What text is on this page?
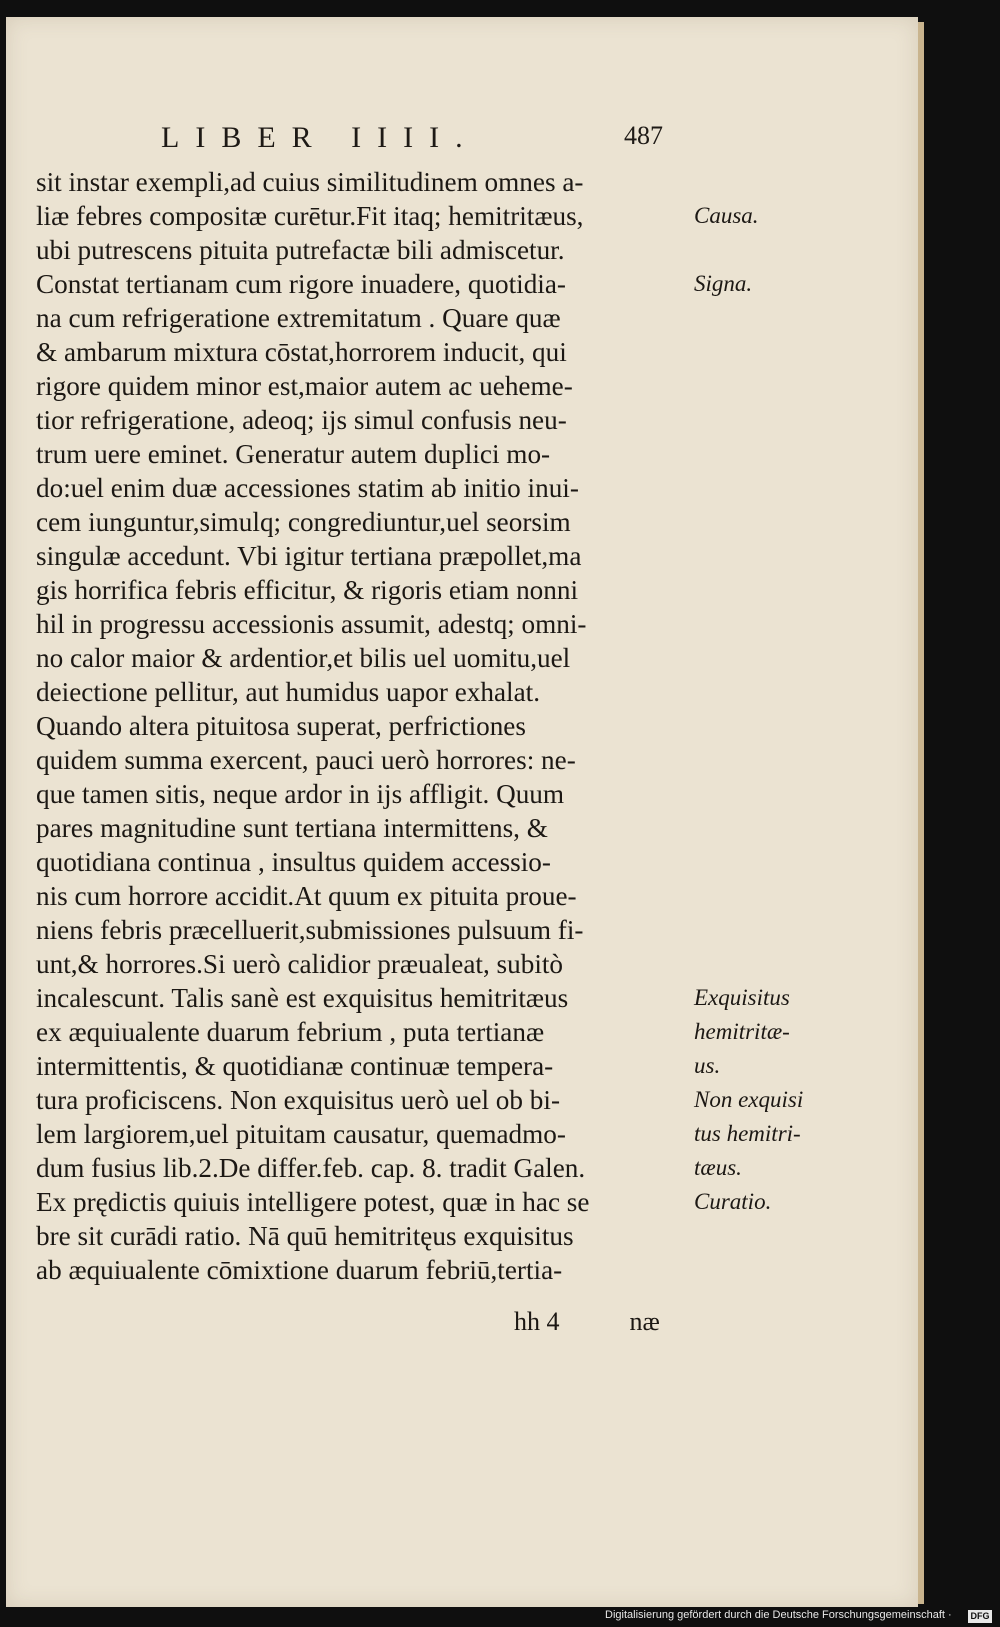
LIBER IIII.	487
sit instar exempli,ad cuius similitudinem omnes a-
liæ febres compositæ curētur.Fit itaq; hemitritæus,
ubi putrescens pituita putrefactæ bili admiscetur.
Constat tertianam cum rigore inuadere, quotidia-
na cum refrigeratione extremitatum . Quare quæ
& ambarum mixtura cōstat,horrorem inducit, qui
rigore quidem minor est,maior autem ac ueheme-
tior refrigeratione, adeoq; ijs simul confusis neu-
trum uere eminet. Generatur autem duplici mo-
do:uel enim duæ accessiones statim ab initio inui-
cem iunguntur,simulq; congrediuntur,uel seorsim
singulæ accedunt. Vbi igitur tertiana præpollet,ma
gis horrifica febris efficitur, & rigoris etiam nonni
hil in progressu accessionis assumit, adestq; omni-
no calor maior & ardentior,et bilis uel uomitu,uel
deiectione pellitur, aut humidus uapor exhalat.
Quando altera pituitosa superat, perfrictiones
quidem summa exercent, pauci uerò horrores: ne-
que tamen sitis, neque ardor in ijs affligit. Quum
pares magnitudine sunt tertiana intermittens, &
quotidiana continua , insultus quidem accessio-
nis cum horrore accidit.At quum ex pituita proue-
niens febris præcelluerit,submissiones pulsuum fi-
unt,& horrores.Si uerò calidior præualeat, subitò
incalescunt. Talis sanè est exquisitus hemitritæus
ex æquiualente duarum febrium , puta tertianæ
intermittentis, & quotidianæ continuæ tempera-
tura proficiscens. Non exquisitus uerò uel ob bi-
lem largiorem,uel pituitam causatur, quemadmo-
dum fusius lib.2.De differ.feb. cap. 8. tradit Galen.
Ex prędictis quiuis intelligere potest, quæ in hac se
bre sit curādi ratio. Nā quū hemitritęus exquisitus
ab æquiualente cōmixtione duarum febriū,tertia-
Causa.
Signa.
Exquisitus
hemitritæ-
us.
Non exquisi
tus hemitri-
tæus.
Curatio.
hh 4	næ
Digitalisierung gefördert durch die Deutsche Forschungsgemeinschaft · DFG
